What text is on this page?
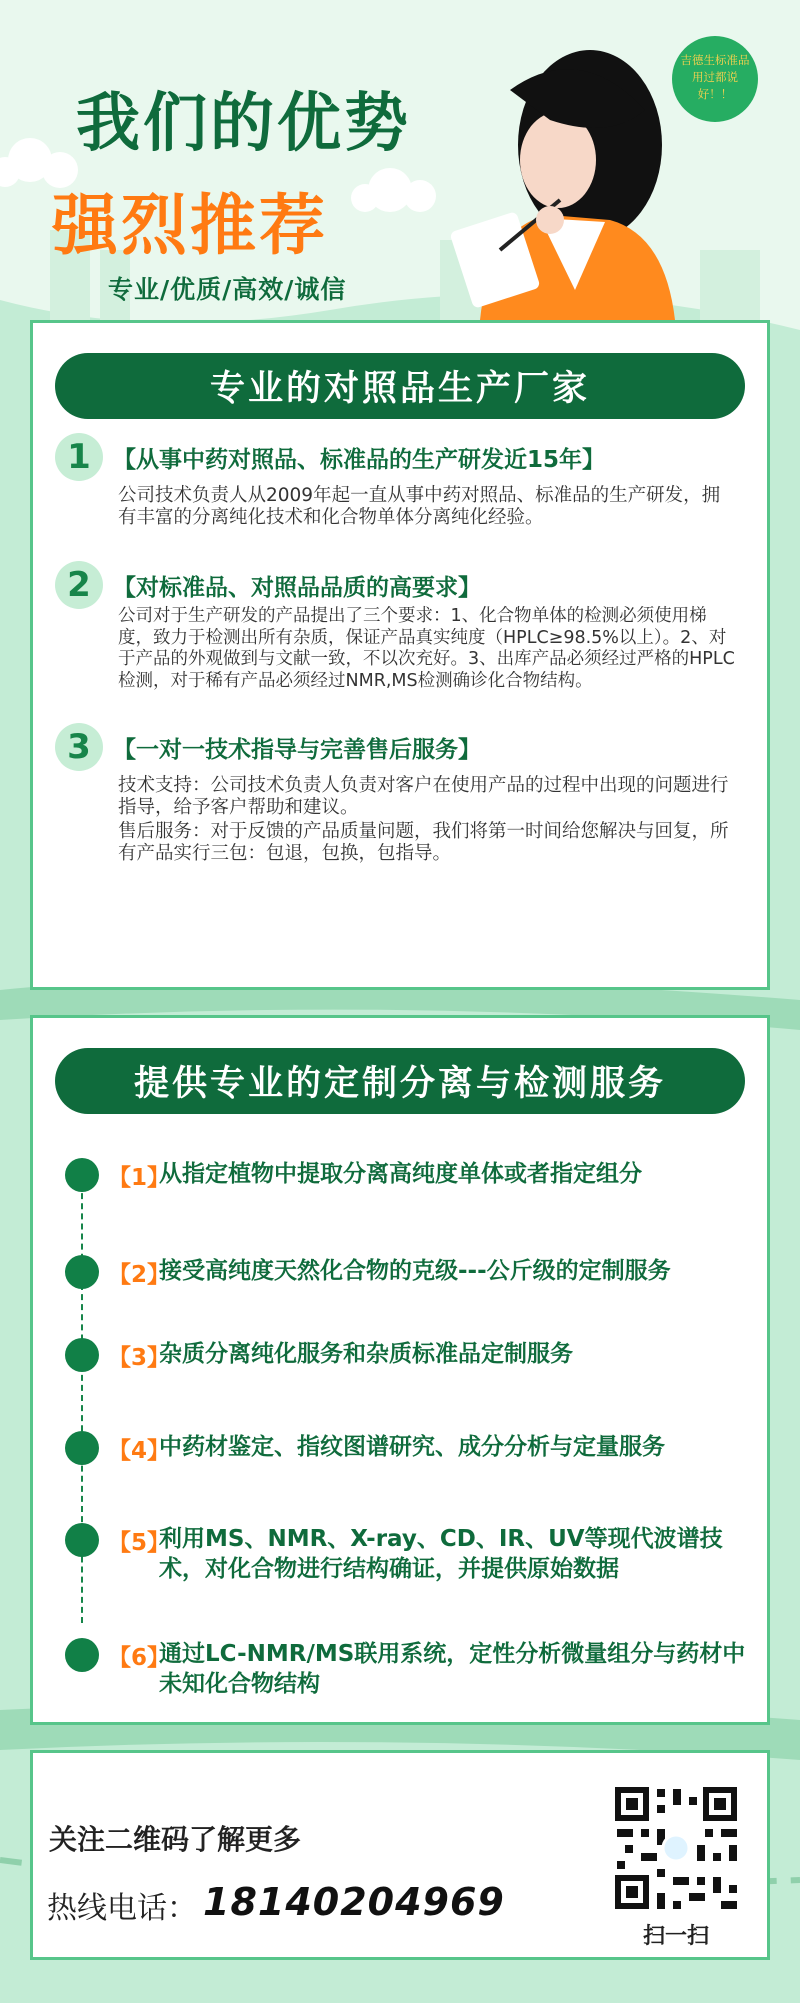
我们的优势
强烈推荐
专业/优质/高效/诚信
吉德生标准品用过都说好！！
专业的对照品生产厂家
1 【从事中药对照品、标准品的生产研发近15年】

公司技术负责人从2009年起一直从事中药对照品、标准品的生产研发，拥有丰富的分离纯化技术和化合物单体分离纯化经验。

2 【对标准品、对照品品质的高要求】

公司对于生产研发的产品提出了三个要求：1、化合物单体的检测必须使用梯度，致力于检测出所有杂质，保证产品真实纯度（HPLC≥98.5%以上）。2、对于产品的外观做到与文献一致，不以次充好。3、出库产品必须经过严格的HPLC检测，对于稀有产品必须经过NMR,MS检测确诊化合物结构。

3 【一对一技术指导与完善售后服务】

技术支持：公司技术负责人负责对客户在使用产品的过程中出现的问题进行指导，给予客户帮助和建议。

售后服务：对于反馈的产品质量问题，我们将第一时间给您解决与回复，所有产品实行三包：包退，包换，包指导。

提供专业的定制分离与检测服务
【1】
从指定植物中提取分离高纯度单体或者指定组分
【2】
接受高纯度天然化合物的克级---公斤级的定制服务
【3】
杂质分离纯化服务和杂质标准品定制服务
【4】
中药材鉴定、指纹图谱研究、成分分析与定量服务
【5】
利用MS、NMR、X-ray、CD、IR、UV等现代波谱技术，对化合物进行结构确证，并提供原始数据
【6】
通过LC-NMR/MS联用系统，定性分析微量组分与药材中未知化合物结构
关注二维码了解更多
热线电话： 18140204969
扫一扫
